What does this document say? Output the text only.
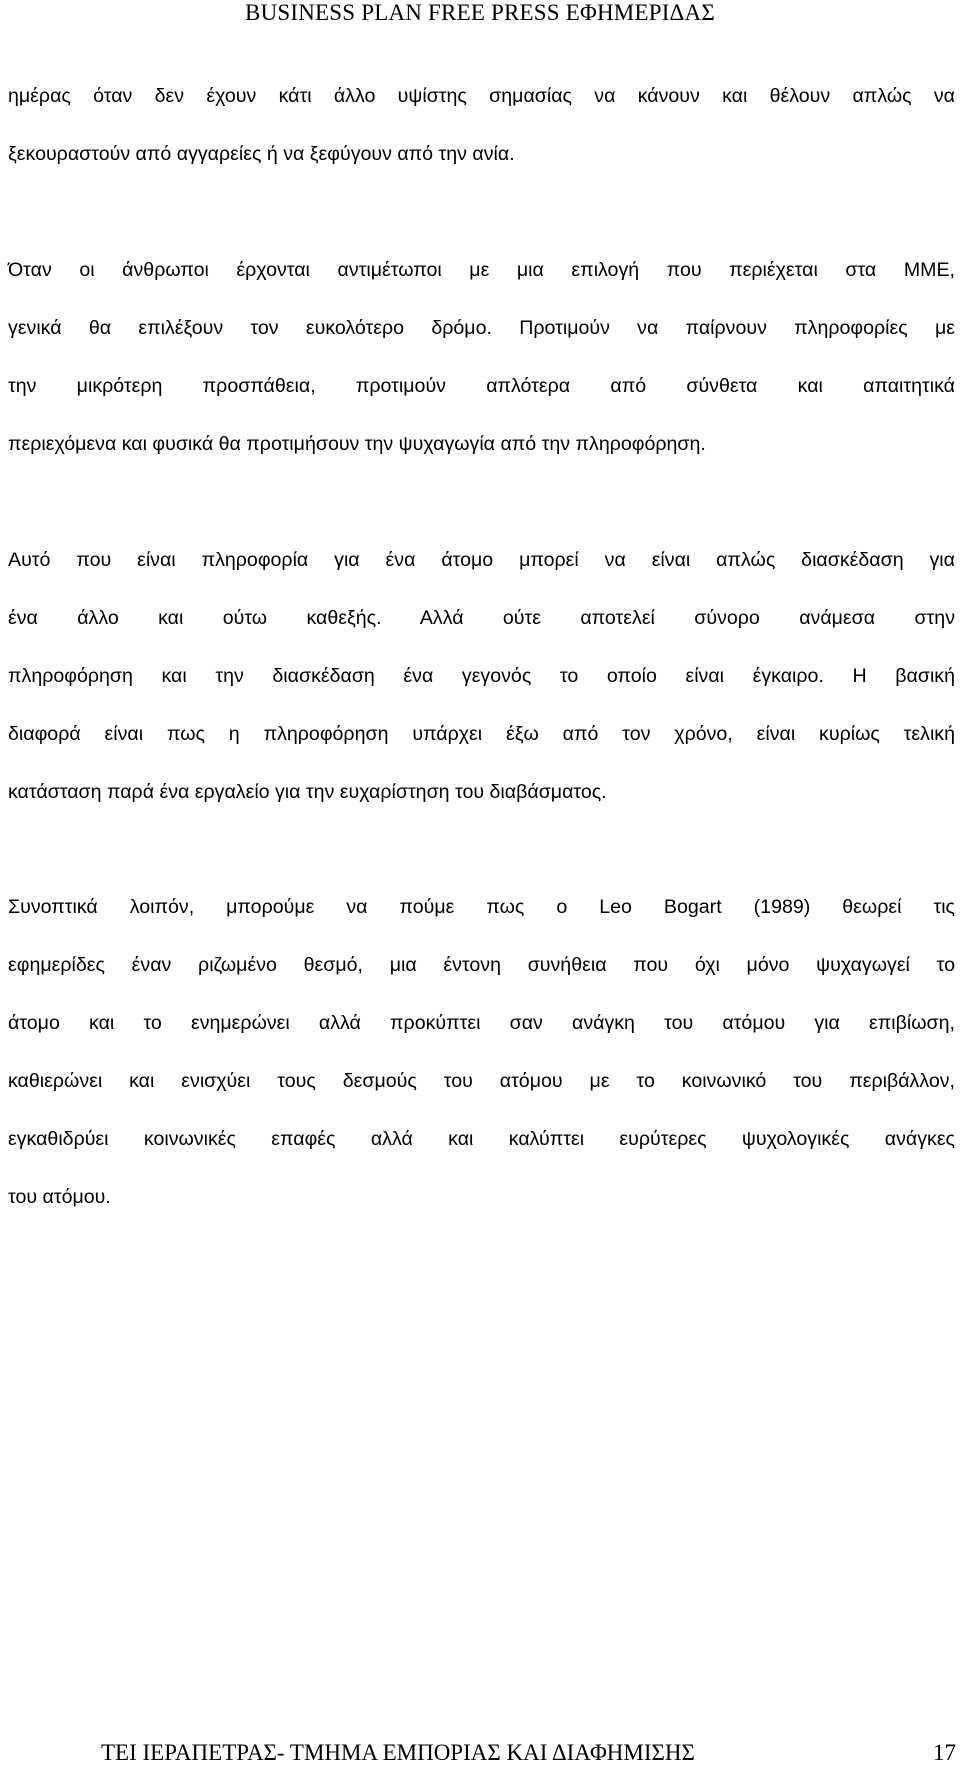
BUSINESS PLAN FREE PRESS ΕΦΗΜΕΡΙΔΑΣ
ημέρας όταν δεν έχουν κάτι άλλο υψίστης σημασίας να κάνουν και θέλουν απλώς να
ξεκουραστούν από αγγαρείες ή να ξεφύγουν από την ανία.
Όταν οι άνθρωποι έρχονται αντιμέτωποι με μια επιλογή που περιέχεται στα ΜΜΕ,
γενικά θα επιλέξουν τον ευκολότερο δρόμο. Προτιμούν να παίρνουν πληροφορίες με
την μικρότερη προσπάθεια, προτιμούν απλότερα από σύνθετα και απαιτητικά
περιεχόμενα και φυσικά θα προτιμήσουν την ψυχαγωγία από την πληροφόρηση.
Αυτό που είναι πληροφορία για ένα άτομο μπορεί να είναι απλώς διασκέδαση για
ένα άλλο και ούτω καθεξής. Αλλά ούτε αποτελεί σύνορο ανάμεσα στην
πληροφόρηση και την διασκέδαση ένα γεγονός το οποίο είναι έγκαιρο. Η βασική
διαφορά είναι πως η πληροφόρηση υπάρχει έξω από τον χρόνο, είναι κυρίως τελική
κατάσταση παρά ένα εργαλείο για την ευχαρίστηση του διαβάσματος.
Συνοπτικά λοιπόν, μπορούμε να πούμε πως ο Leo Bogart (1989) θεωρεί τις
εφημερίδες έναν ριζωμένο θεσμό, μια έντονη συνήθεια που όχι μόνο ψυχαγωγεί το
άτομο και το ενημερώνει αλλά προκύπτει σαν ανάγκη του ατόμου για επιβίωση,
καθιερώνει και ενισχύει τους δεσμούς του ατόμου με το κοινωνικό του περιβάλλον,
εγκαθιδρύει κοινωνικές επαφές αλλά και καλύπτει ευρύτερες ψυχολογικές ανάγκες
του ατόμου.
ΤΕΙ ΙΕΡΑΠΕΤΡΑΣ- ΤΜΗΜΑ ΕΜΠΟΡΙΑΣ ΚΑΙ ΔΙΑΦΗΜΙΣΗΣ	17
